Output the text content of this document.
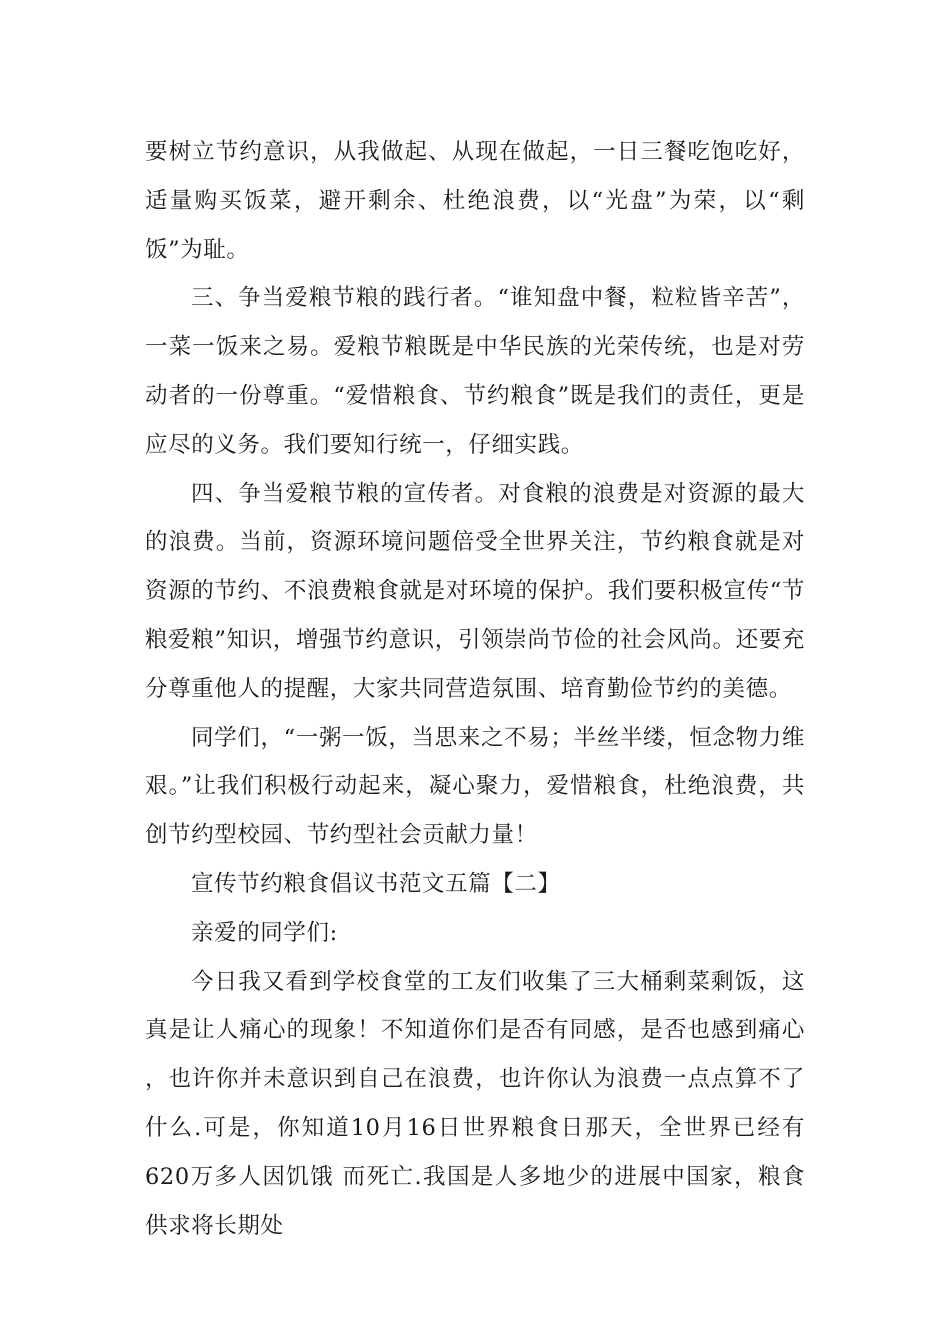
要树立节约意识，从我做起、从现在做起，一日三餐吃饱吃好，适量购买饭菜，避开剩余、杜绝浪费，以“光盘”为荣，以“剩饭”为耻。

三、争当爱粮节粮的践行者。“谁知盘中餐，粒粒皆辛苦”，一菜一饭来之易。爱粮节粮既是中华民族的光荣传统，也是对劳动者的一份尊重。“爱惜粮食、节约粮食”既是我们的责任，更是应尽的义务。我们要知行统一，仔细实践。

四、争当爱粮节粮的宣传者。对食粮的浪费是对资源的最大的浪费。当前，资源环境问题倍受全世界关注，节约粮食就是对资源的节约、不浪费粮食就是对环境的保护。我们要积极宣传“节粮爱粮”知识，增强节约意识，引领崇尚节俭的社会风尚。还要充分尊重他人的提醒，大家共同营造氛围、培育勤俭节约的美德。

同学们，“一粥一饭，当思来之不易；半丝半缕，恒念物力维艰。”让我们积极行动起来，凝心聚力，爱惜粮食，杜绝浪费，共创节约型校园、节约型社会贡献力量！

宣传节约粮食倡议书范文五篇【二】

亲爱的同学们:

今日我又看到学校食堂的工友们收集了三大桶剩菜剩饭，这真是让人痛心的现象！不知道你们是否有同感，是否也感到痛心 ，也许你并未意识到自己在浪费，也许你认为浪费一点点算不了什么.可是，你知道10月16日世界粮食日那天，全世界已经有620万多人因饥饿 而死亡.我国是人多地少的进展中国家，粮食供求将长期处
